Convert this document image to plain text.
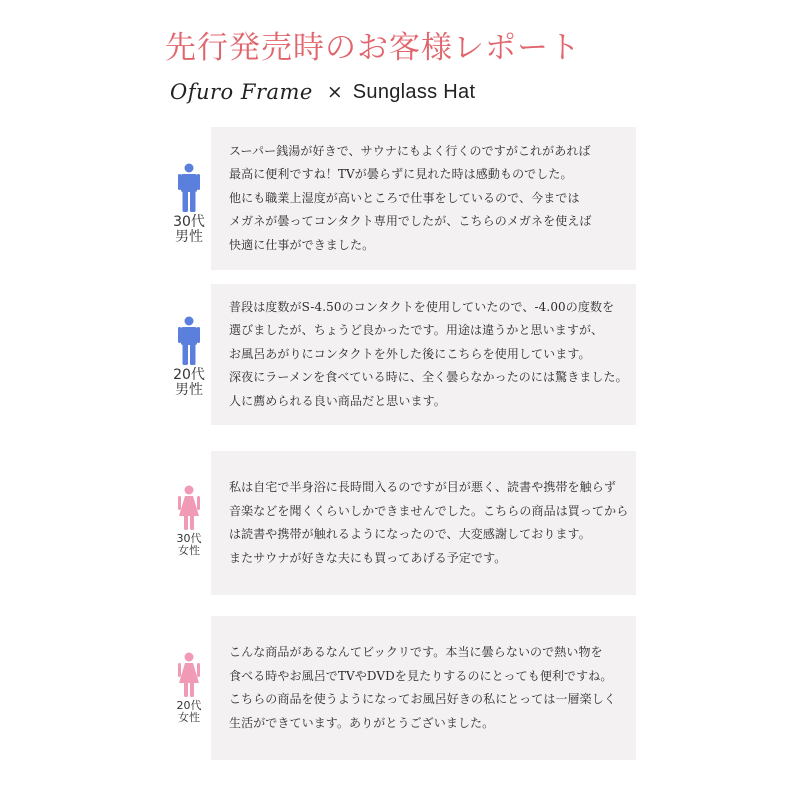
先行発売時のお客様レポート
Ofuro Frame × Sunglass Hat
30代
男性
スーパー銭湯が好きで、サウナにもよく行くのですがこれがあれば
最高に便利ですね！TVが曇らずに見れた時は感動ものでした。
他にも職業上湿度が高いところで仕事をしているので、今までは
メガネが曇ってコンタクト専用でしたが、こちらのメガネを使えば
快適に仕事ができました。
20代
男性
普段は度数がS-4.50のコンタクトを使用していたので、-4.00の度数を
選びましたが、ちょうど良かったです。用途は違うかと思いますが、
お風呂あがりにコンタクトを外した後にこちらを使用しています。
深夜にラーメンを食べている時に、全く曇らなかったのには驚きました。
人に薦められる良い商品だと思います。
30代
女性
私は自宅で半身浴に長時間入るのですが目が悪く、読書や携帯を触らず
音楽などを聞くくらいしかできませんでした。こちらの商品は買ってから
は読書や携帯が触れるようになったので、大変感謝しております。
またサウナが好きな夫にも買ってあげる予定です。
20代
女性
こんな商品があるなんてビックリです。本当に曇らないので熱い物を
食べる時やお風呂でTVやDVDを見たりするのにとっても便利ですね。
こちらの商品を使うようになってお風呂好きの私にとっては一層楽しく
生活ができています。ありがとうございました。
